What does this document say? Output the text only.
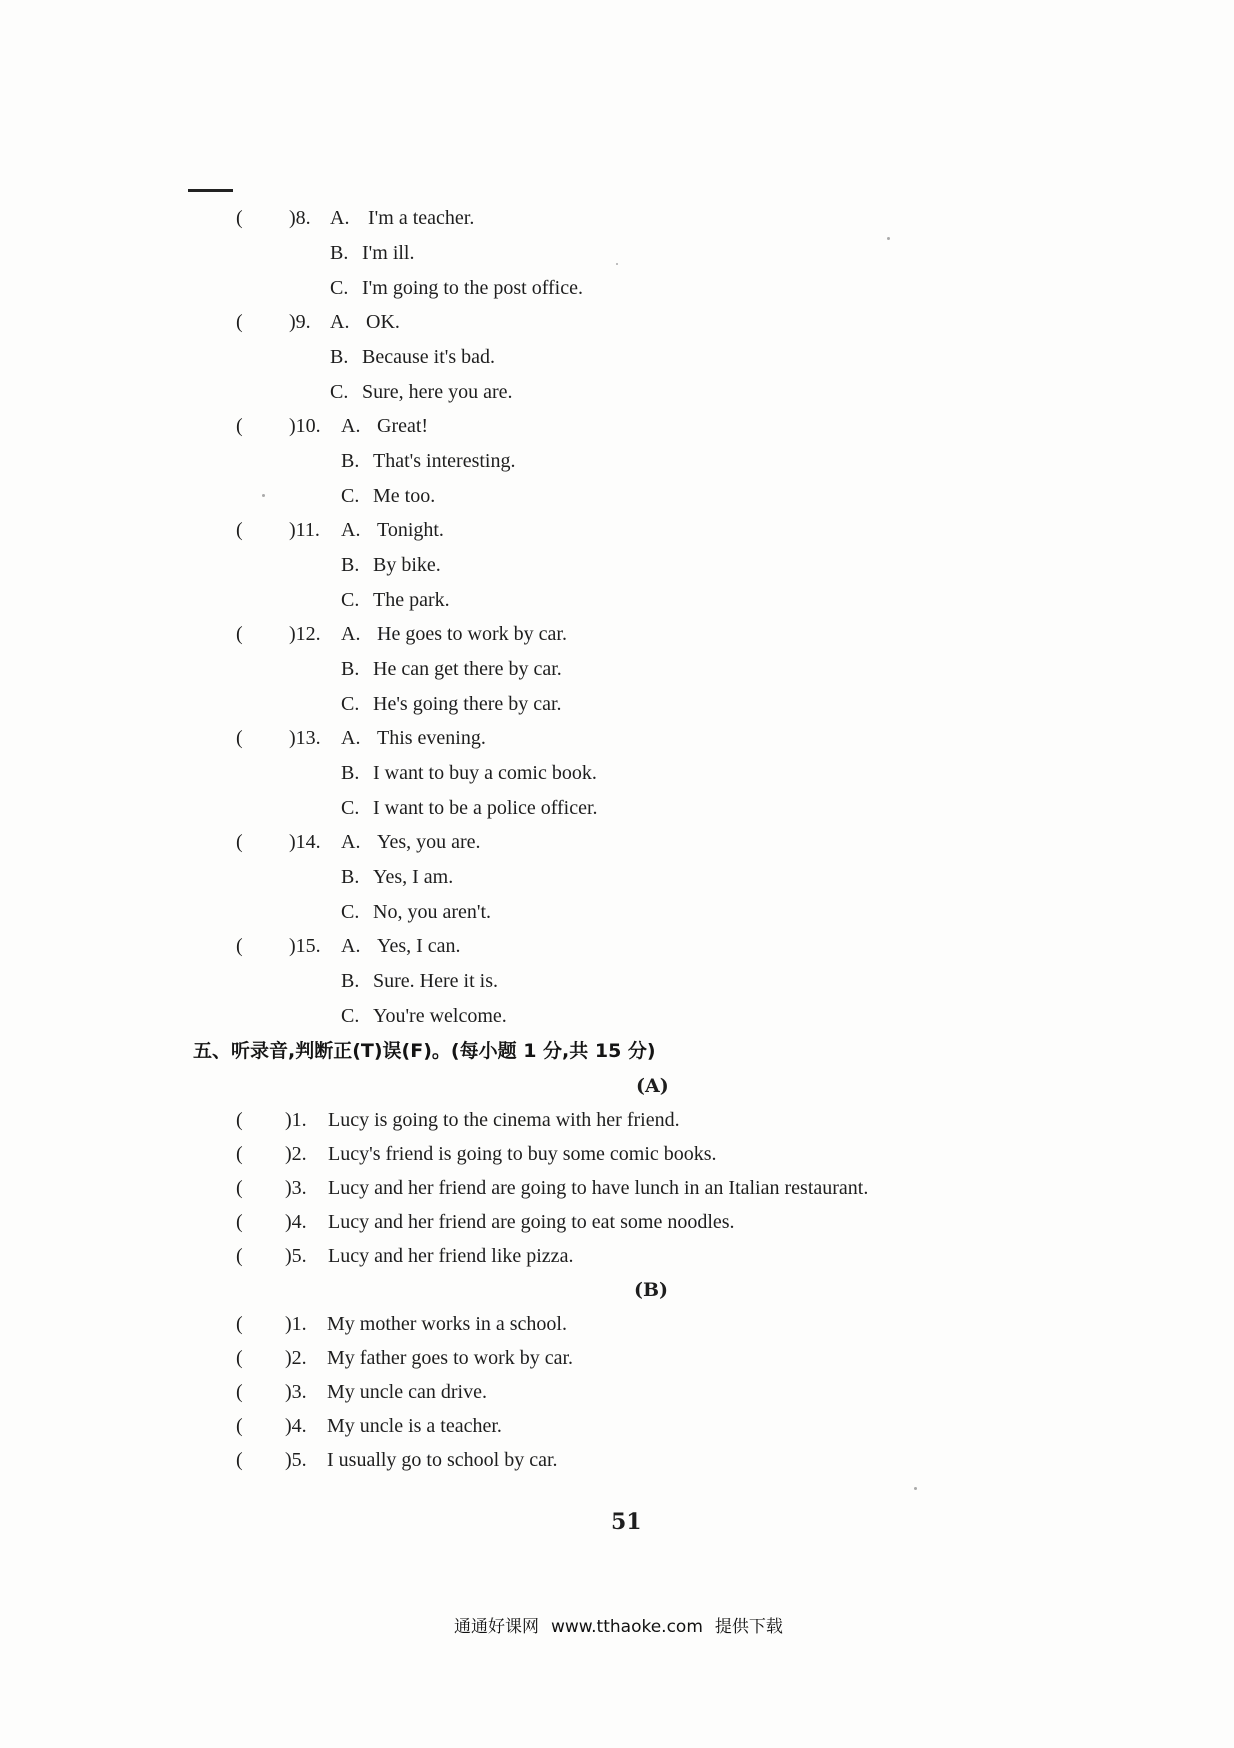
( )8. A. I'm a teacher.
B. I'm ill.
C. I'm going to the post office.
( )9. A. OK.
B. Because it's bad.
C. Sure, here you are.
( )10. A. Great!
B. That's interesting.
C. Me too.
( )11. A. Tonight.
B. By bike.
C. The park.
( )12. A. He goes to work by car.
B. He can get there by car.
C. He's going there by car.
( )13. A. This evening.
B. I want to buy a comic book.
C. I want to be a police officer.
( )14. A. Yes, you are.
B. Yes, I am.
C. No, you aren't.
( )15. A. Yes, I can.
B. Sure. Here it is.
C. You're welcome.
五、听录音,判断正(T)误(F)。(每小题 1 分,共 15 分)
(A)
( )1. Lucy is going to the cinema with her friend.
( )2. Lucy's friend is going to buy some comic books.
( )3. Lucy and her friend are going to have lunch in an Italian restaurant.
( )4. Lucy and her friend are going to eat some noodles.
( )5. Lucy and her friend like pizza.
(B)
( )1. My mother works in a school.
( )2. My father goes to work by car.
( )3. My uncle can drive.
( )4. My uncle is a teacher.
( )5. I usually go to school by car.
51
通通好课网 www.tthaoke.com 提供下载
